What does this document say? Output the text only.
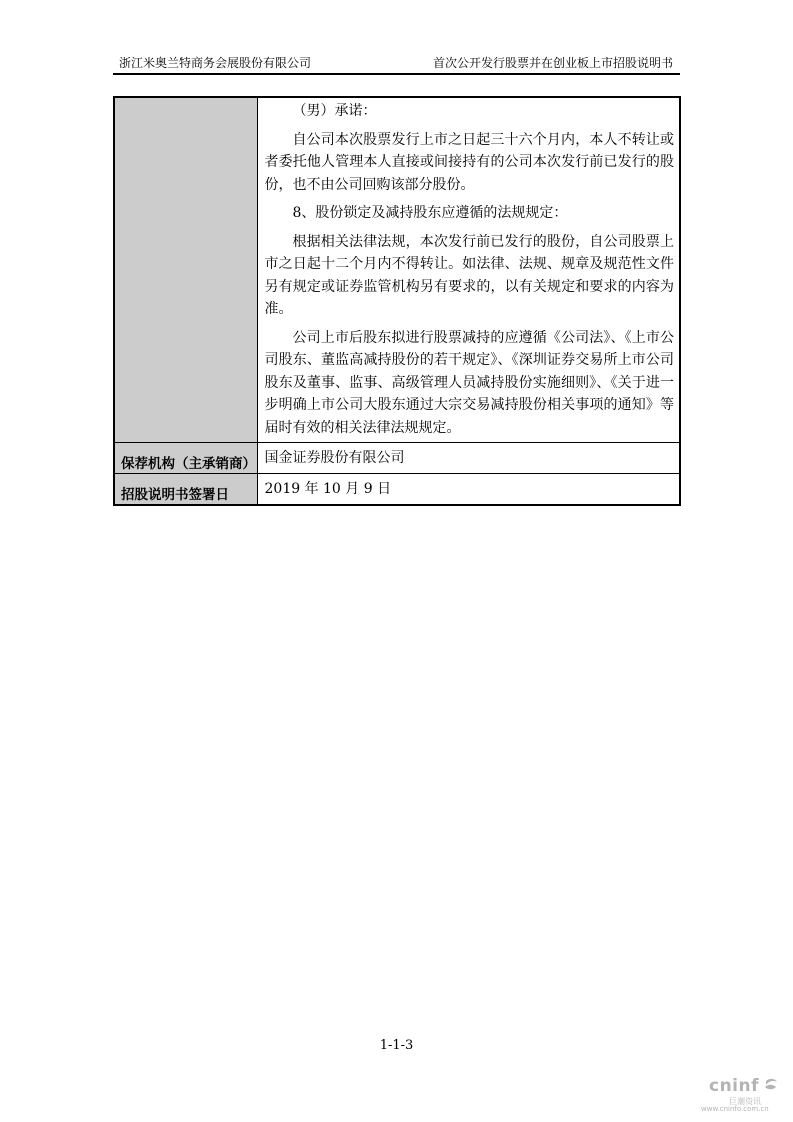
浙江米奥兰特商务会展股份有限公司	首次公开发行股票并在创业板上市招股说明书

	（男）承诺：

自公司本次股票发行上市之日起三十六个月内，本人不转让或者委托他人管理本人直接或间接持有的公司本次发行前已发行的股份，也不由公司回购该部分股份。

8、股份锁定及减持股东应遵循的法规规定：

根据相关法律法规，本次发行前已发行的股份，自公司股票上市之日起十二个月内不得转让。如法律、法规、规章及规范性文件另有规定或证券监管机构另有要求的，以有关规定和要求的内容为准。

公司上市后股东拟进行股票减持的应遵循《公司法》、《上市公司股东、董监高减持股份的若干规定》、《深圳证券交易所上市公司股东及董事、监事、高级管理人员减持股份实施细则》、《关于进一步明确上市公司大股东通过大宗交易减持股份相关事项的通知》等届时有效的相关法律法规规定。

保荐机构（主承销商）	国金证券股份有限公司
招股说明书签署日	2019 年 10 月 9 日
1-1-3
cninf
巨潮资讯
www.cninfo.com.cn
